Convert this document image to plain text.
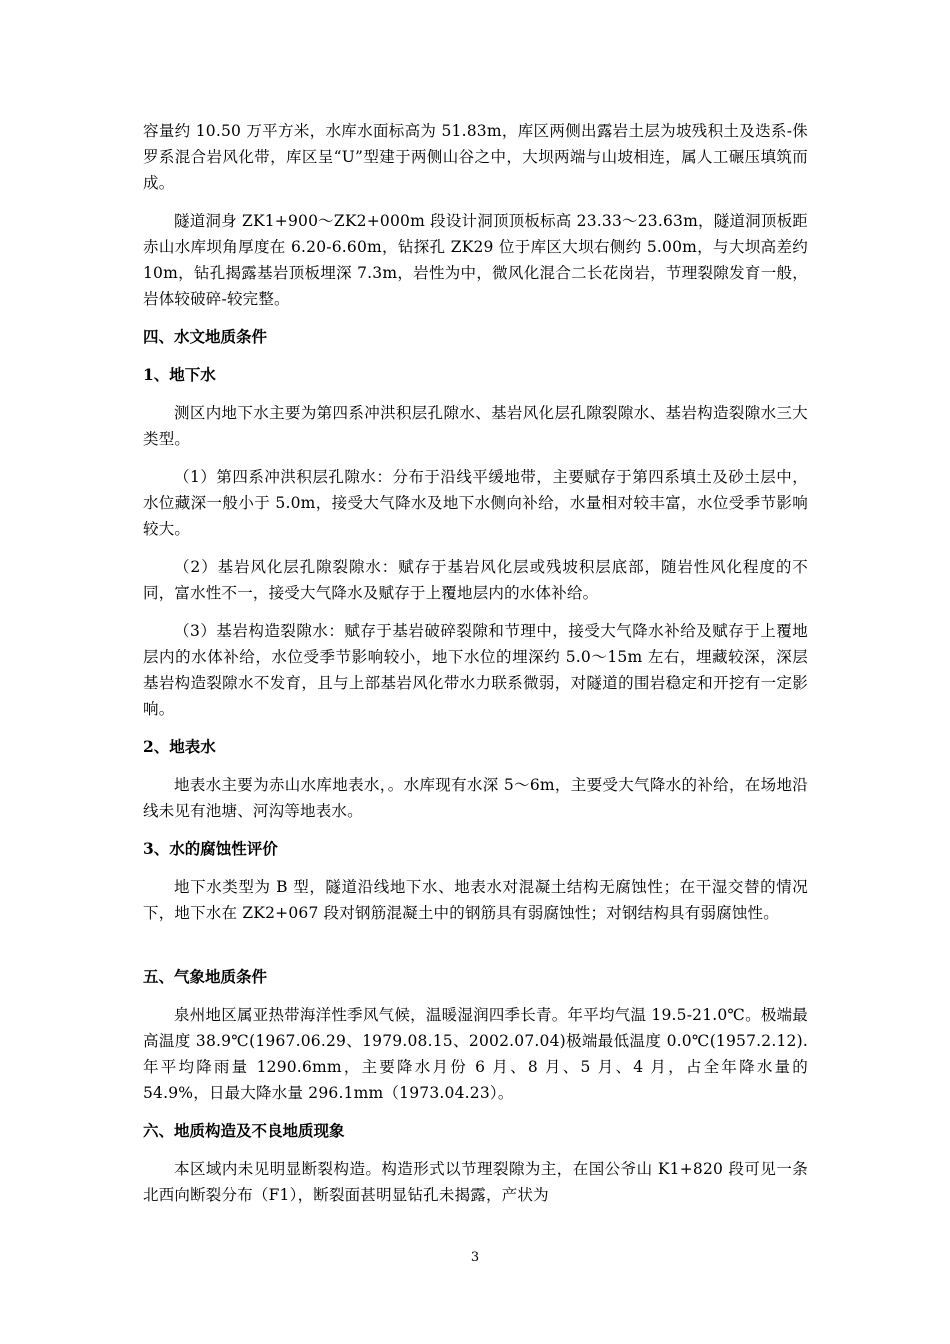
容量约 10.50 万平方米，水库水面标高为 51.83m，库区两侧出露岩土层为坡残积土及迭系-侏罗系混合岩风化带，库区呈“U”型建于两侧山谷之中，大坝两端与山坡相连，属人工碾压填筑而成。

隧道洞身 ZK1+900～ZK2+000m 段设计洞顶顶板标高 23.33～23.63m，隧道洞顶板距赤山水库坝角厚度在 6.20-6.60m，钻探孔 ZK29 位于库区大坝右侧约 5.00m，与大坝高差约 10m，钻孔揭露基岩顶板埋深 7.3m，岩性为中，微风化混合二长花岗岩，节理裂隙发育一般，岩体较破碎-较完整。

四、水文地质条件
1、地下水

测区内地下水主要为第四系冲洪积层孔隙水、基岩风化层孔隙裂隙水、基岩构造裂隙水三大类型。

（1）第四系冲洪积层孔隙水：分布于沿线平缓地带，主要赋存于第四系填土及砂土层中，水位藏深一般小于 5.0m，接受大气降水及地下水侧向补给，水量相对较丰富，水位受季节影响较大。

（2）基岩风化层孔隙裂隙水：赋存于基岩风化层或残坡积层底部，随岩性风化程度的不同，富水性不一，接受大气降水及赋存于上覆地层内的水体补给。

（3）基岩构造裂隙水：赋存于基岩破碎裂隙和节理中，接受大气降水补给及赋存于上覆地层内的水体补给，水位受季节影响较小，地下水位的埋深约 5.0～15m 左右，埋藏较深，深层基岩构造裂隙水不发育，且与上部基岩风化带水力联系微弱，对隧道的围岩稳定和开挖有一定影响。

2、地表水

地表水主要为赤山水库地表水，。水库现有水深 5～6m，主要受大气降水的补给，在场地沿线未见有池塘、河沟等地表水。

3、水的腐蚀性评价

地下水类型为 B 型，隧道沿线地下水、地表水对混凝土结构无腐蚀性；在干湿交替的情况下，地下水在 ZK2+067 段对钢筋混凝土中的钢筋具有弱腐蚀性；对钢结构具有弱腐蚀性。

五、气象地质条件

泉州地区属亚热带海洋性季风气候，温暖湿润四季长青。年平均气温 19.5-21.0℃。极端最高温度 38.9℃(1967.06.29、1979.08.15、2002.07.04)极端最低温度 0.0℃(1957.2.12).年平均降雨量 1290.6mm，主要降水月份 6 月、8 月、5 月、4 月，占全年降水量的 54.9%，日最大降水量 296.1mm（1973.04.23）。

六、地质构造及不良地质现象

本区域内未见明显断裂构造。构造形式以节理裂隙为主，在国公爷山 K1+820 段可见一条北西向断裂分布（F1），断裂面甚明显钻孔未揭露，产状为

3
